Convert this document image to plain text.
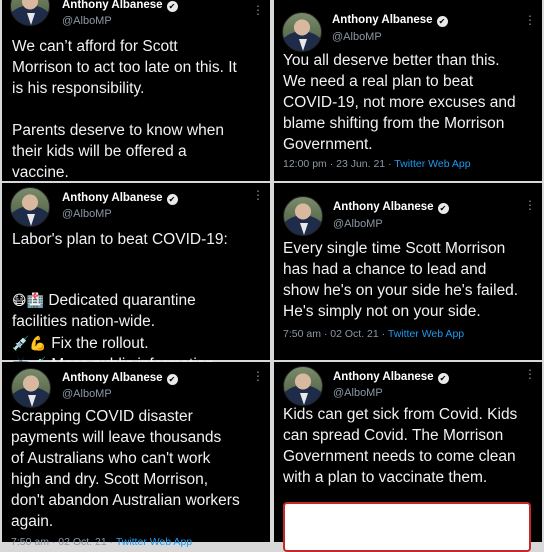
Anthony Albanese ✔
@AlboMP
⋮
We can’t afford for Scott
Morrison to act too late on this. It
is his responsibility.

Parents deserve to know when
their kids will be offered a
vaccine.
Anthony Albanese ✔
@AlboMP
⋮
You all deserve better than this.
We need a real plan to beat
COVID-19, not more excuses and
blame shifting from the Morrison
Government.
12:00 pm · 23 Jun. 21 · Twitter Web App
Anthony Albanese ✔
@AlboMP
⋮
Labor's plan to beat COVID-19:

😷🏥 Dedicated quarantine
facilities nation-wide.

💉💪 Fix the rollout.

Anthony Albanese ✔
@AlboMP
⋮
Every single time Scott Morrison
has had a chance to lead and
show he's on your side he's failed.
He's simply not on your side.
7:50 am · 02 Oct. 21 · Twitter Web App
Anthony Albanese ✔
@AlboMP
⋮
Scrapping COVID disaster
payments will leave thousands
of Australians who can't work
high and dry. Scott Morrison,
don't abandon Australian workers
again.
7:50 am · 02 Oct. 21 · Twitter Web App
Anthony Albanese ✔
@AlboMP
⋮
Kids can get sick from Covid. Kids
can spread Covid. The Morrison
Government needs to come clean
with a plan to vaccinate them.
